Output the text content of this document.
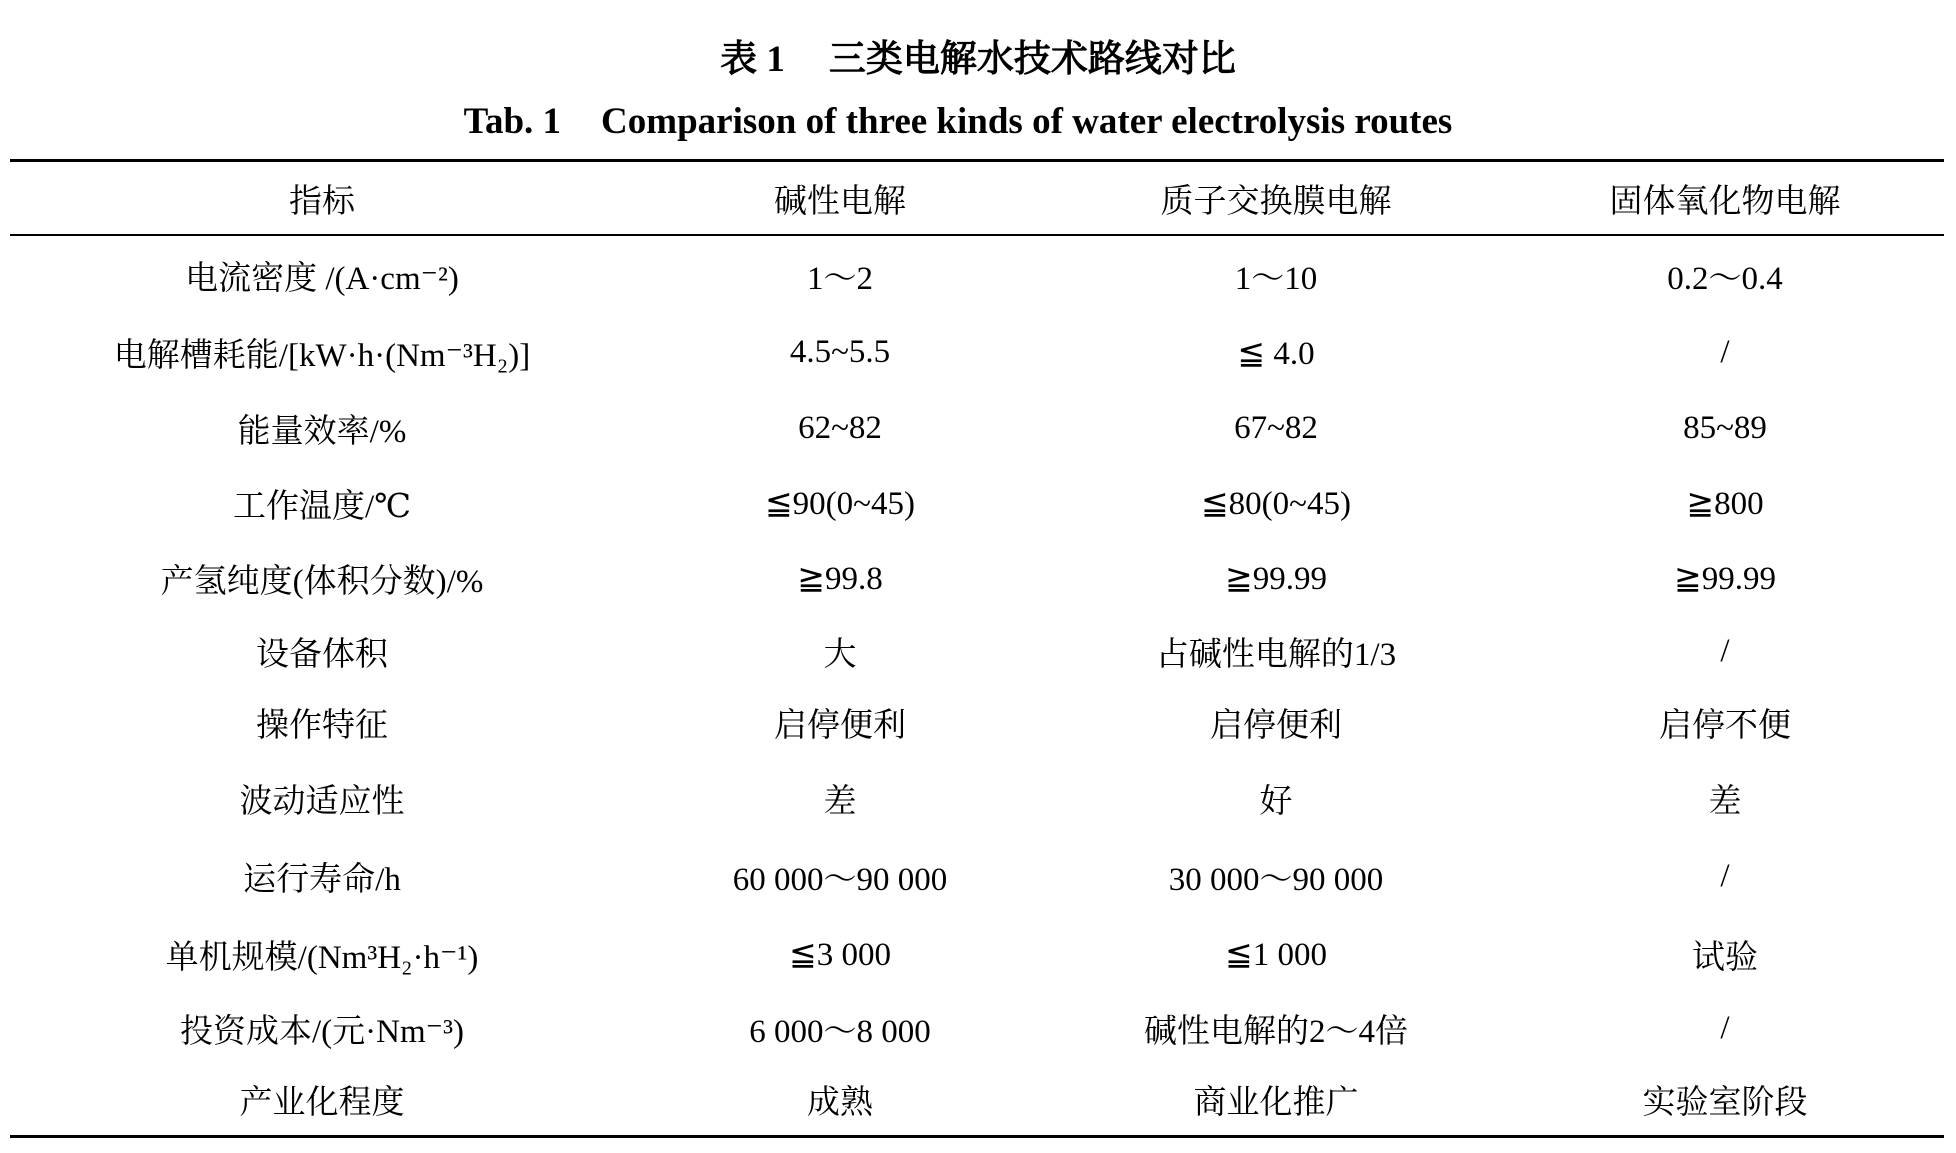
表 1 三类电解水技术路线对比
Tab. 1 Comparison of three kinds of water electrolysis routes
指标	碱性电解	质子交换膜电解	固体氧化物电解
电流密度 /(A·cm⁻²)	1～2	1～10	0.2～0.4
电解槽耗能/[kW·h·(Nm⁻³H₂)]	4.5~5.5	≦ 4.0	/
能量效率/%	62~82	67~82	85~89
工作温度/℃	≦90(0~45)	≦80(0~45)	≧800
产氢纯度(体积分数)/%	≧99.8	≧99.99	≧99.99
设备体积	大	占碱性电解的1/3	/
操作特征	启停便利	启停便利	启停不便
波动适应性	差	好	差
运行寿命/h	60 000～90 000	30 000～90 000	/
单机规模/(Nm³H₂·h⁻¹)	≦3 000	≦1 000	试验
投资成本/(元·Nm⁻³)	6 000～8 000	碱性电解的2～4倍	/
产业化程度	成熟	商业化推广	实验室阶段
